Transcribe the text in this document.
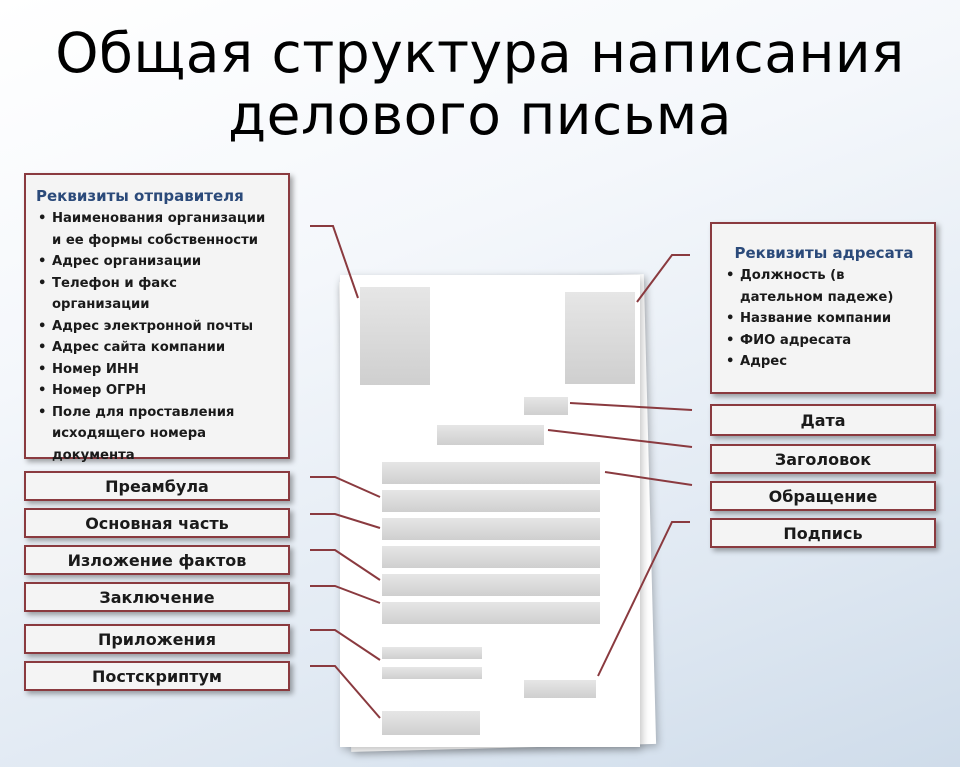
Общая структура написания
делового письма
Реквизиты отправителя
• Наименования организации
и ее формы собственности
• Адрес организации
• Телефон и факс организации
• Адрес электронной почты
• Адрес сайта компании
• Номер ИНН
• Номер ОГРН
• Поле для проставления
исходящего номера
документа
Реквизиты адресата
• Должность (в
дательном падеже)
• Название компании
• ФИО адресата
• Адрес
Преамбула
Основная часть
Изложение фактов
Заключение
Приложения
Постскриптум
Дата
Заголовок
Обращение
Подпись
